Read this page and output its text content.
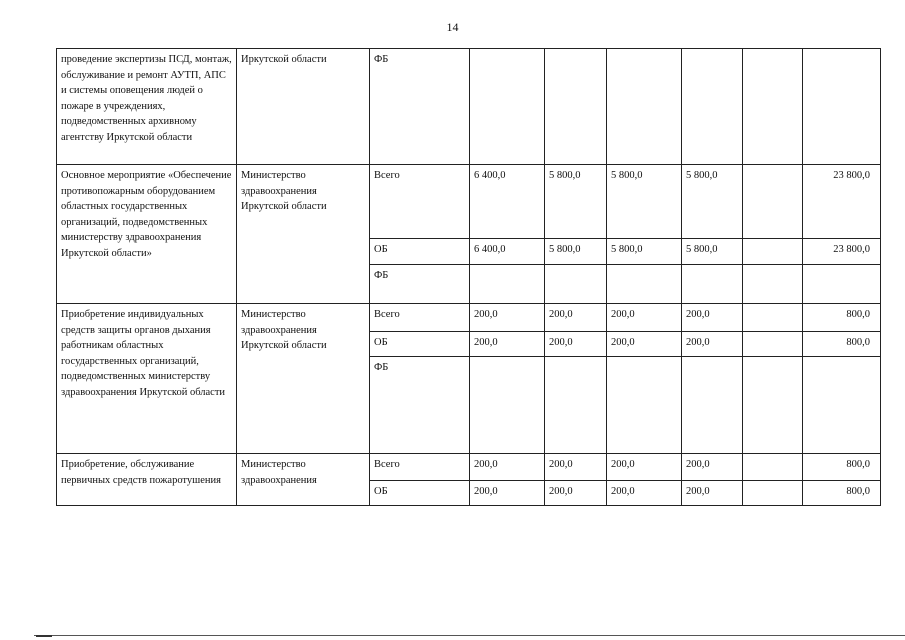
14
проведение экспертизы ПСД, монтаж, обслуживание и ремонт АУТП, АПС и системы оповещения людей о пожаре в учреждениях, подведомственных архивному агентству Иркутской области	Иркутской области	ФБ						
Основное мероприятие «Обеспечение противопожарным оборудованием областных государственных организаций, подведомственных министерству здравоохранения Иркутской области»	Министерство здравоохранения Иркутской области	Всего	6 400,0	5 800,0	5 800,0	5 800,0		23 800,0
		ОБ	6 400,0	5 800,0	5 800,0	5 800,0		23 800,0
		ФБ						
Приобретение индивидуальных средств защиты органов дыхания работникам областных государственных организаций, подведомственных министерству здравоохранения Иркутской области	Министерство здравоохранения Иркутской области	Всего	200,0	200,0	200,0	200,0		800,0
		ОБ	200,0	200,0	200,0	200,0		800,0
		ФБ						
Приобретение, обслуживание первичных средств пожаротушения	Министерство здравоохранения	Всего	200,0	200,0	200,0	200,0		800,0
		ОБ	200,0	200,0	200,0	200,0		800,0
